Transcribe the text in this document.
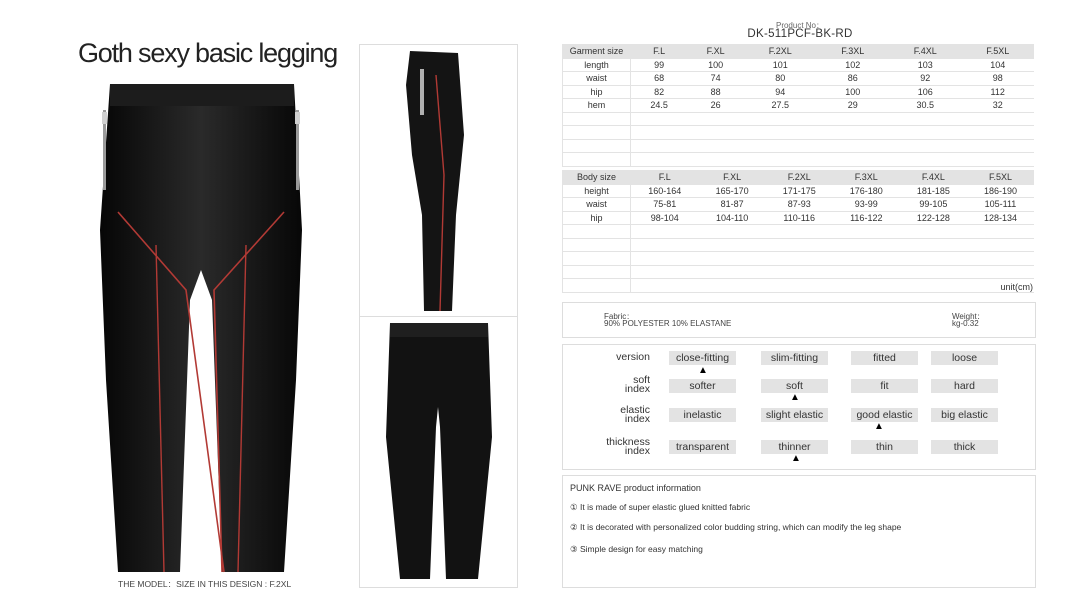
Goth sexy basic legging
THE MODEL：SIZE IN THIS DESIGN : F.2XL
Product No：
DK-511PCF-BK-RD
Garment size	F.L	F.XL	F.2XL	F.3XL	F.4XL	F.5XL
length	99	100	101	102	103	104
waist	68	74	80	86	92	98
hip	82	88	94	100	106	112
hem	24.5	26	27.5	29	30.5	32

Body size	F.L	F.XL	F.2XL	F.3XL	F.4XL	F.5XL
height	160-164	165-170	171-175	176-180	181-185	186-190
waist	75-81	81-87	87-93	93-99	99-105	105-111
hip	98-104	104-110	110-116	116-122	122-128	128-134

unit(cm)
Fabric：
90% POLYESTER 10% ELASTANE
Weight：
kg-0.32
version	close-fitting	slim-fitting	fitted	loose
▲
soft
index	softer	soft	fit	hard
▲
elastic
index	inelastic	slight elastic	good elastic	big elastic
▲
thickness
index	transparent	thinner	thin	thick
▲
PUNK RAVE product information
① It is made of super elastic glued knitted fabric
② It is decorated with personalized color budding string, which can modify the leg shape
③ Simple design for easy matching
